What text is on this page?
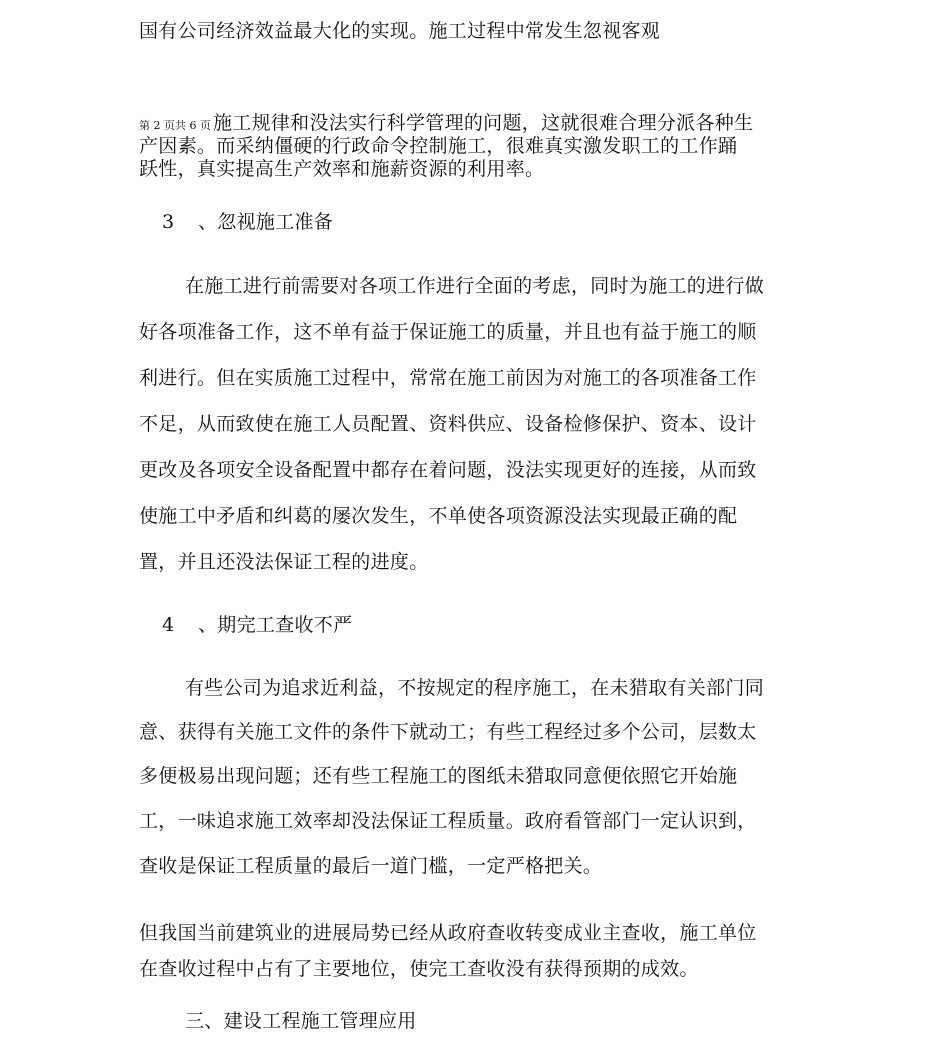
国有公司经济效益最大化的实现。施工过程中常发生忽视客观
第 2 页共 6 页 施工规律和没法实行科学管理的问题，这就很难合理分派各种生
产因素。而采纳僵硬的行政命令控制施工，很难真实激发职工的工作踊
跃性，真实提高生产效率和施薪资源的利用率。
3 、忽视施工准备
在施工进行前需要对各项工作进行全面的考虑，同时为施工的进行做
好各项准备工作，这不单有益于保证施工的质量，并且也有益于施工的顺
利进行。但在实质施工过程中，常常在施工前因为对施工的各项准备工作
不足，从而致使在施工人员配置、资料供应、设备检修保护、资本、设计
更改及各项安全设备配置中都存在着问题，没法实现更好的连接，从而致
使施工中矛盾和纠葛的屡次发生，不单使各项资源没法实现最正确的配
置，并且还没法保证工程的进度。
4 、期完工查收不严
有些公司为追求近利益，不按规定的程序施工，在未猎取有关部门同
意、获得有关施工文件的条件下就动工；有些工程经过多个公司，层数太
多便极易出现问题；还有些工程施工的图纸未猎取同意便依照它开始施
工，一味追求施工效率却没法保证工程质量。政府看管部门一定认识到，
查收是保证工程质量的最后一道门槛，一定严格把关。
但我国当前建筑业的进展局势已经从政府查收转变成业主查收，施工单位
在查收过程中占有了主要地位，使完工查收没有获得预期的成效。
三、建设工程施工管理应用
